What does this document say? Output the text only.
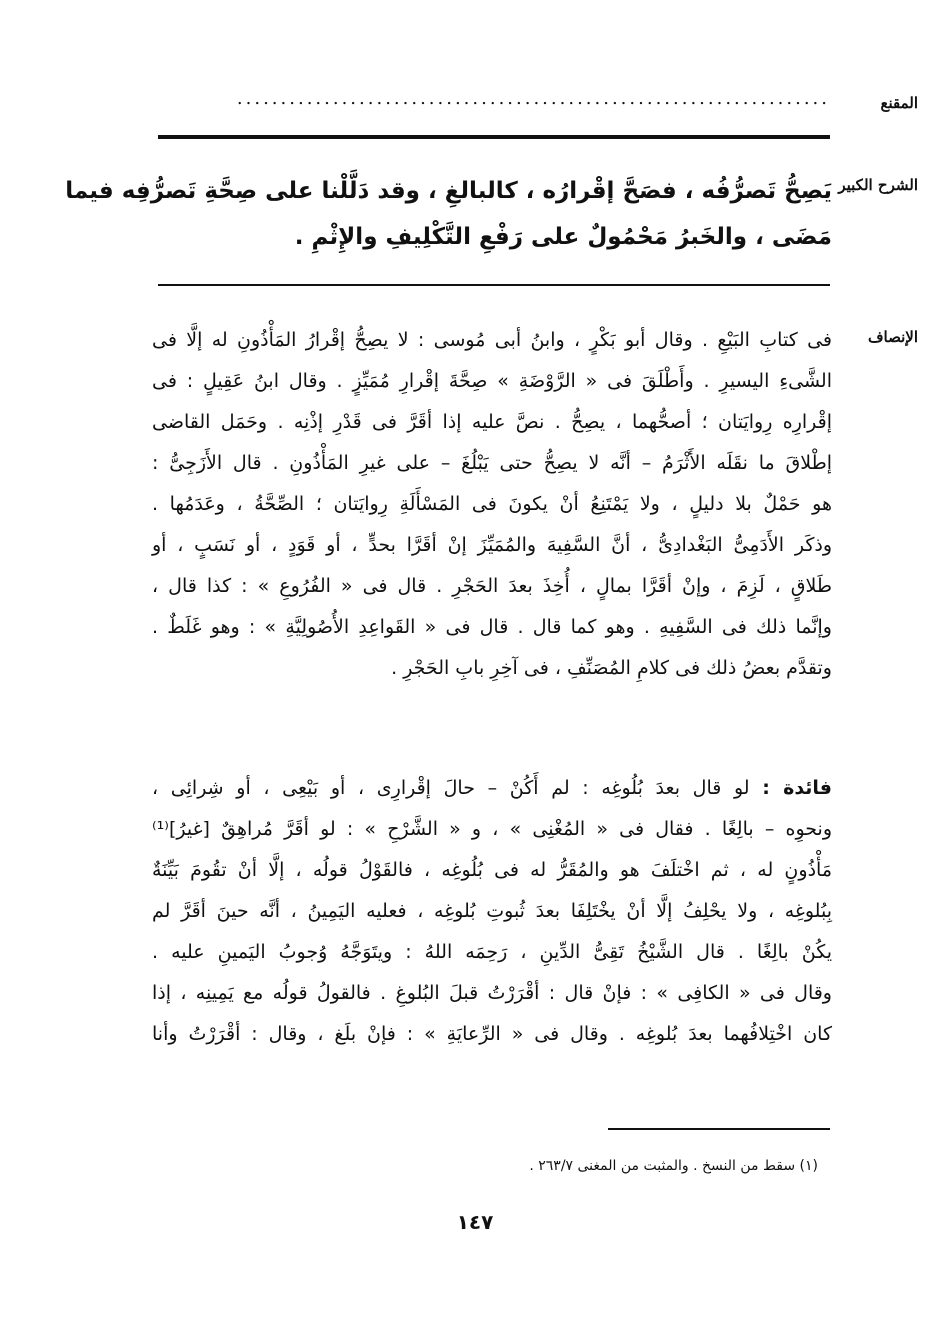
المقنع
....................................................................
الشرح الكبير
يَصِحُّ تَصرُّفُه ، فصَحَّ إقْرارُه ، كالبالغِ ، وقد دَلَّلْنا على صِحَّةِ تَصرُّفِه فيما
مَضَى ، والخَبرُ مَحْمُولٌ على رَفْعِ التَّكْلِيفِ والإِثْمِ .
الإنصاف
فى كتابِ البَيْعِ . وقال أبو بَكْرٍ ، وابنُ أبى مُوسى : لا يصِحُّ إقْرارُ المَأْذُونِ له إلَّا فى
الشَّىءِ اليسيرِ . وأَطْلَقَ فى « الرَّوْضَةِ » صِحَّةَ إقْرارِ مُمَيِّزٍ . وقال ابنُ عَقِيلٍ : فى
إقْرارِه رِوايَتان ؛ أصحُّهما ، يصِحُّ . نصَّ عليه إذا أقَرَّ فى قَدْرِ إذْنِه . وحَمَل القاضى
إطْلاقَ ما نقَلَه الأَثْرَمُ – أنَّه لا يصِحُّ حتى يَبْلُغَ – على غيرِ المَأْذُونِ . قال الأَزَجِىُّ :
هو حَمْلٌ بلا دليلٍ ، ولا يَمْتَنِعُ أنْ يكونَ فى المَسْأَلَةِ رِوايَتان ؛ الصِّحَّةُ ، وعَدَمُها .
وذكَر الأَدَمِىُّ البَغْدادِىُّ ، أنَّ السَّفِيهَ والمُمَيِّزَ إنْ أقَرَّا بحدٍّ ، أو قَوَدٍ ، أو نَسَبٍ ، أو
طَلاقٍ ، لَزِمَ ، وإنْ أقَرَّا بمالٍ ، أُخِذَ بعدَ الحَجْرِ . قال فى « الفُرُوعِ » : كذا قال ،
وإنَّما ذلك فى السَّفِيهِ . وهو كما قال . قال فى « القَواعِدِ الأُصُولِيَّةِ » : وهو غَلَطٌ .
وتقدَّم بعضُ ذلك فى كلامِ المُصَنِّفِ ، فى آخِرِ بابِ الحَجْرِ .
فائدة : لو قال بعدَ بُلُوغِه : لم أَكُنْ – حالَ إقْرارِى ، أو بَيْعِى ، أو شِرائِى ،
ونحوِه – بالِغًا . فقال فى « المُغْنِى » ، و « الشَّرْحِ » : لو أقَرَّ مُراهِقٌ [غيرُ]⁽¹⁾
مَأْذُونٍ له ، ثم اخْتلَفَ هو والمُقَرُّ له فى بُلُوغِه ، فالقَوْلُ قولُه ، إلَّا أنْ تقُومَ بَيِّنَةٌ
بِبُلوغِه ، ولا يحْلِفُ إلَّا أنْ يخْتَلِفَا بعدَ ثُبوتِ بُلوغِه ، فعليه اليَمِينُ ، أنَّه حينَ أقَرَّ لم
يكُنْ بالِغًا . قال الشَّيْخُ تَقِىُّ الدِّينِ ، رَحِمَه اللهُ : ويتَوَجَّهُ وُجوبُ اليَمينِ عليه .
وقال فى « الكافِى » : فإنْ قال : أقْرَرْتُ قبلَ البُلوغِ . فالقولُ قولُه مع يَمِينِه ، إذا
كان اخْتِلافُهما بعدَ بُلوغِه . وقال فى « الرِّعايَةِ » : فإنْ بلَغ ، وقال : أقْرَرْتُ وأنا
(١) سقط من النسخ . والمثبت من المغنى ٢٦٣/٧ .
١٤٧
